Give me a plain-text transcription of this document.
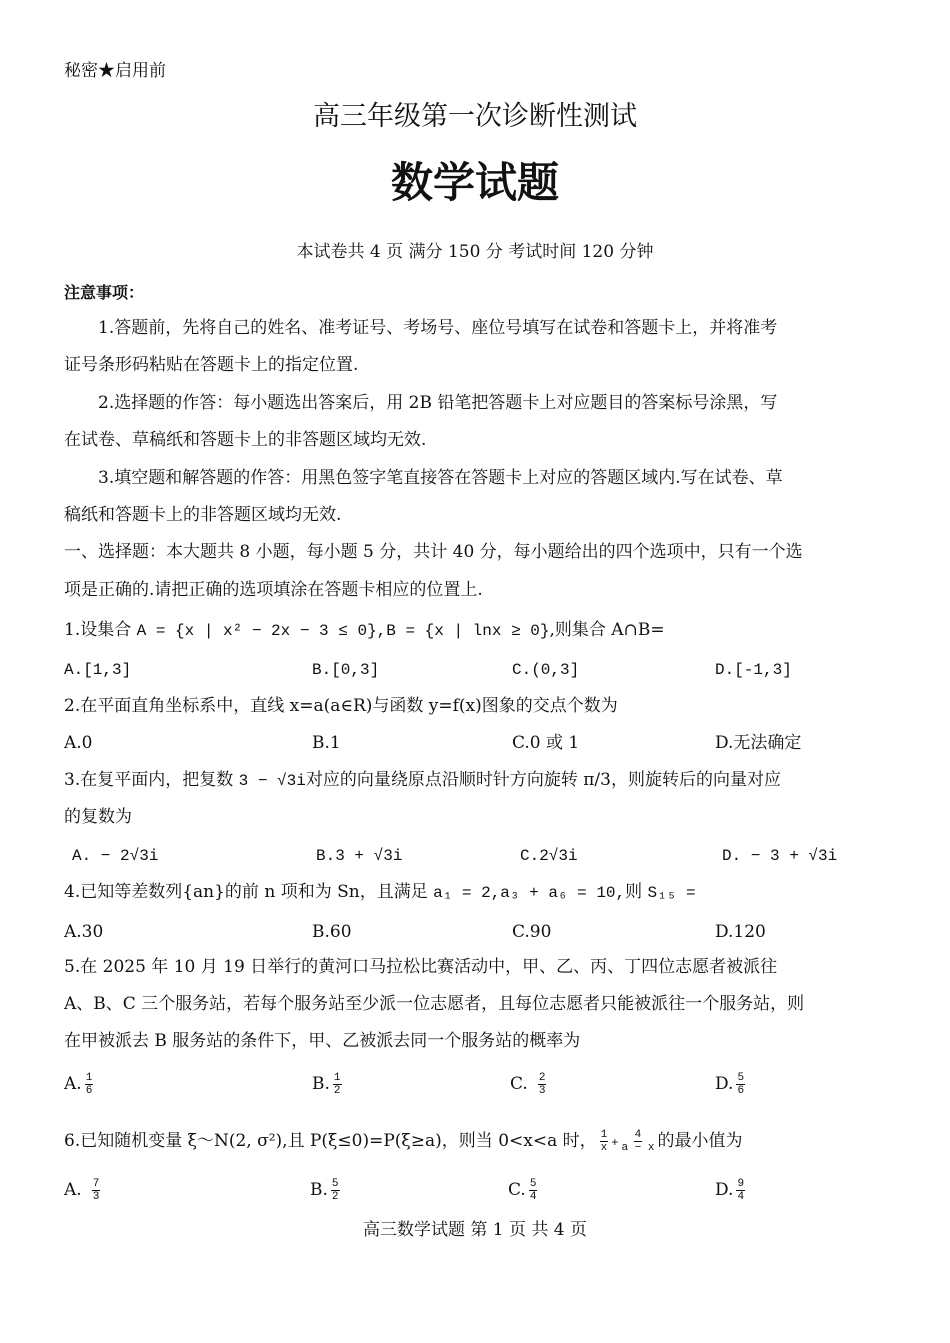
秘密★启用前
高三年级第一次诊断性测试
数学试题
本试卷共 4 页 满分 150 分 考试时间 120 分钟
注意事项：
1.答题前，先将自己的姓名、准考证号、考场号、座位号填写在试卷和答题卡上，并将准考
证号条形码粘贴在答题卡上的指定位置.
2.选择题的作答：每小题选出答案后，用 2B 铅笔把答题卡上对应题目的答案标号涂黑，写
在试卷、草稿纸和答题卡上的非答题区域均无效.
3.填空题和解答题的作答：用黑色签字笔直接答在答题卡上对应的答题区域内.写在试卷、草
稿纸和答题卡上的非答题区域均无效.
一、选择题：本大题共 8 小题，每小题 5 分，共计 40 分，每小题给出的四个选项中，只有一个选
项是正确的.请把正确的选项填涂在答题卡相应的位置上.
1.设集合 A = {x | x² − 2x − 3 ≤ 0},B = {x | lnx ≥ 0},则集合 A∩B=
A.[1,3]	B.[0,3]	C.(0,3]	D.[-1,3]
2.在平面直角坐标系中，直线 x=a(a∈R)与函数 y=f(x)图象的交点个数为
A.0	B.1	C.0 或 1	D.无法确定
3.在复平面内，把复数 3 − √3i对应的向量绕原点沿顺时针方向旋转 π/3，则旋转后的向量对应
的复数为
A. − 2√3i	B.3 + √3i	C.2√3i	D. − 3 + √3i
4.已知等差数列{an}的前 n 项和为 Sn，且满足 a₁ = 2,a₃ + a₆ = 10,则 S₁₅ =
A.30	B.60	C.90	D.120
5.在 2025 年 10 月 19 日举行的黄河口马拉松比赛活动中，甲、乙、丙、丁四位志愿者被派往
A、B、C 三个服务站，若每个服务站至少派一位志愿者，且每位志愿者只能被派往一个服务站，则
在甲被派去 B 服务站的条件下，甲、乙被派去同一个服务站的概率为
A. $\frac{1}{6}$	B. $\frac{1}{2}$	C. $\frac{2}{3}$	D. $\frac{5}{6}$
6.已知随机变量 ξ～N(2, σ²),且 P(ξ≤0)=P(ξ≥a)，则当 0<x<a 时， $\frac{1}{x} + \frac{4}{a - x}$ 的最小值为
A. $\frac{7}{3}$	B. $\frac{5}{2}$	C. $\frac{5}{4}$	D. $\frac{9}{4}$
高三数学试题 第 1 页 共 4 页
